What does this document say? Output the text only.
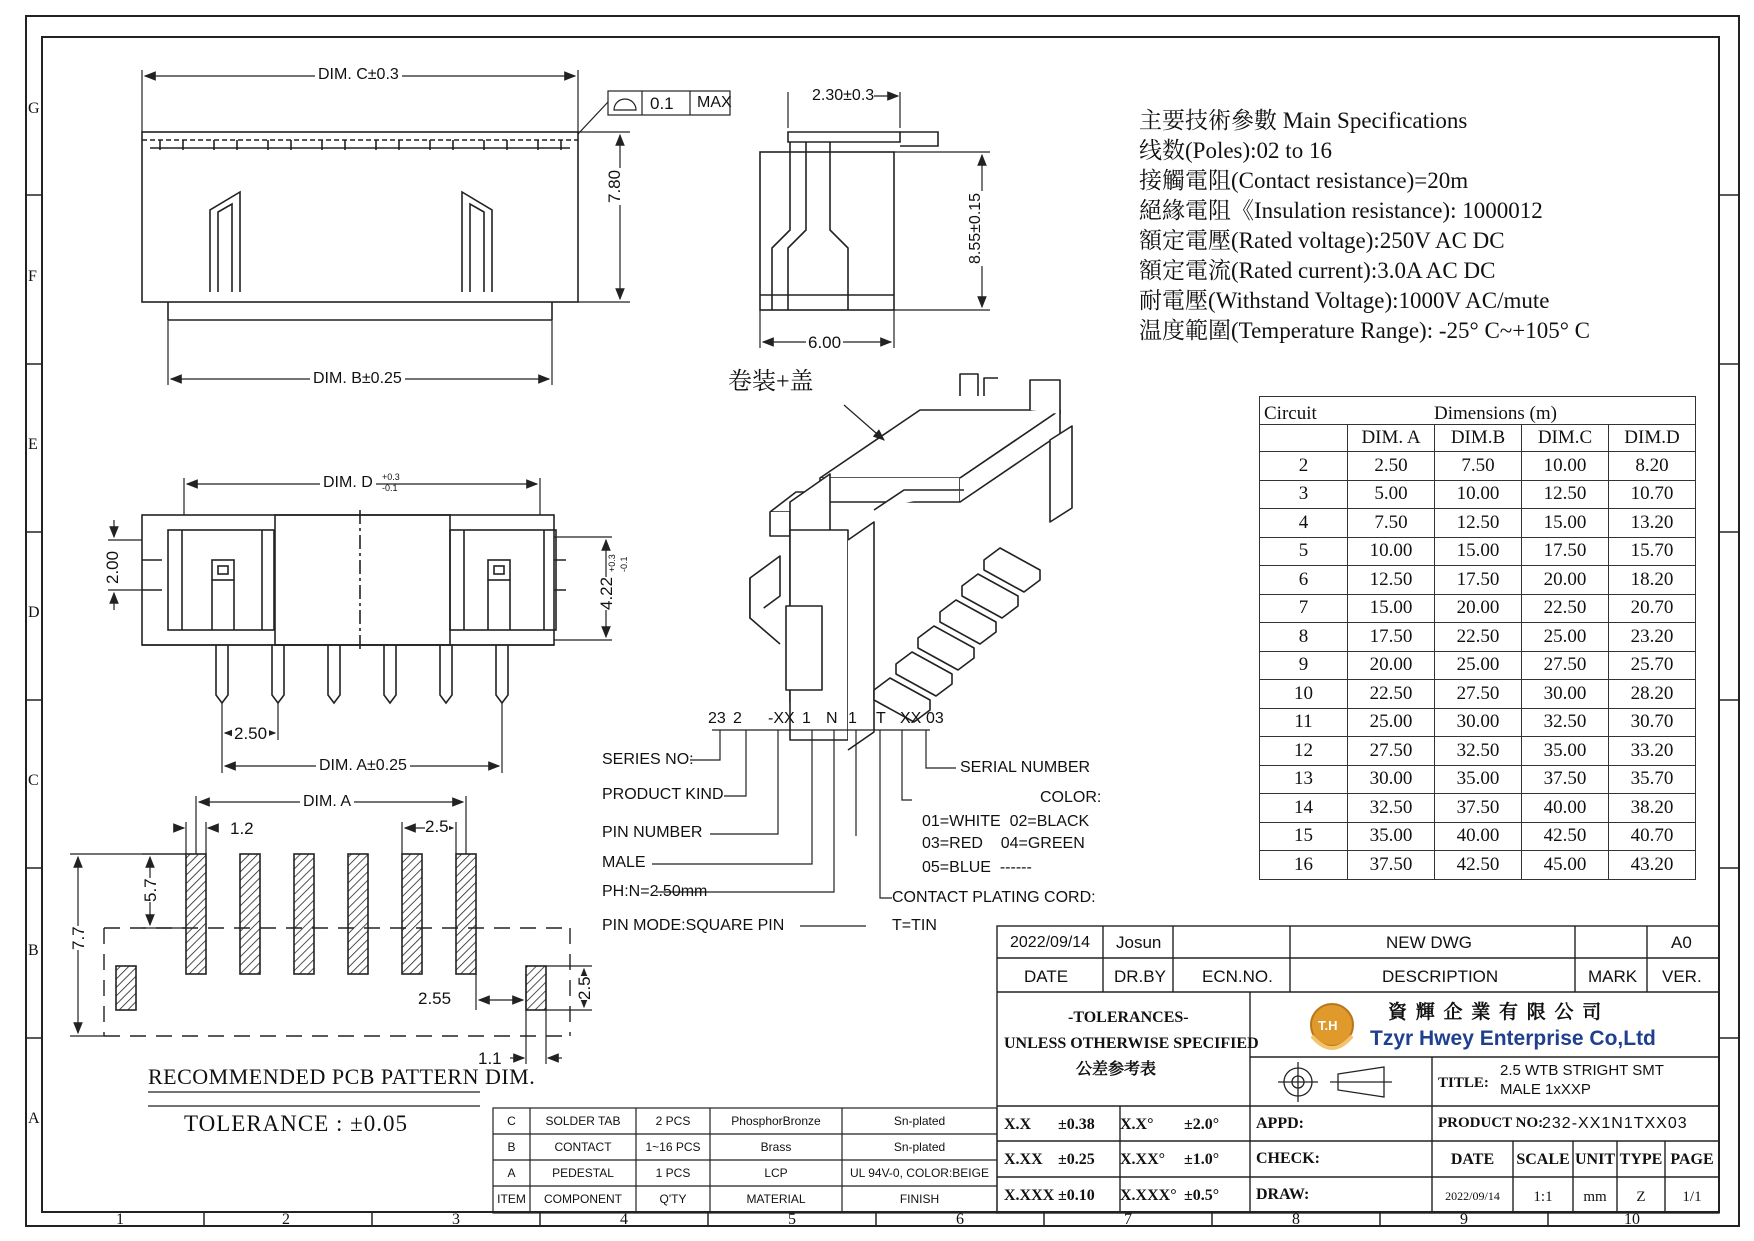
G
F
E
D
C
B
A
1	2	3	4	5	6	7	8	9	10
DIM. C±0.3
DIM. B±0.25
7.80
0.1 MAX	2.30±0.3
8.55±0.15
6.00
卷装+盖
DIM. D	+0.3
-0.1
2.00
4.22
+0.3 -0.1
2.50
DIM. A±0.25
DIM. A
1.2	2.5
5.7
7.7
2.55	2.5
1.1
RECOMMENDED PCB PATTERN DIM.
TOLERANCE : ±0.05
主要技術參數 Main Specifications
线数(Poles):02 to 16
接觸電阻(Contact resistance)=20m
絕緣電阻《Insulation resistance): 1000012
額定電壓(Rated voltage):250V AC DC
額定電流(Rated current):3.0A AC DC
耐電壓(Withstand Voltage):1000V AC/mute
温度範圍(Temperature Range): -25° C~+105° C
Circuit	Dimensions (m)
	DIM. A	DIM.B	DIM.C	DIM.D
2	2.50	7.50	10.00	8.20
3	5.00	10.00	12.50	10.70
4	7.50	12.50	15.00	13.20
5	10.00	15.00	17.50	15.70
6	12.50	17.50	20.00	18.20
7	15.00	20.00	22.50	20.70
8	17.50	22.50	25.00	23.20
9	20.00	25.00	27.50	25.70
10	22.50	27.50	30.00	28.20
11	25.00	30.00	32.50	30.70
12	27.50	32.50	35.00	33.20
13	30.00	35.00	37.50	35.70
14	32.50	37.50	40.00	38.20
15	35.00	40.00	42.50	40.70
16	37.50	42.50	45.00	43.20
23 2 -XX 1 N 1 T XX 03
SERIES NO:
PRODUCT KIND
PIN NUMBER
MALE
PH:N=2.50mm
PIN MODE:SQUARE PIN
SERIAL NUMBER
COLOR:
01=WHITE  02=BLACK
03=RED    04=GREEN
05=BLUE  ------
CONTACT PLATING CORD:
T=TIN
C	SOLDER TAB	2 PCS	PhosphorBronze	Sn-plated
B	CONTACT	1~16 PCS	Brass	Sn-plated
A	PEDESTAL	1 PCS	LCP	UL 94V-0, COLOR:BEIGE
ITEM	COMPONENT	Q'TY	MATERIAL	FINISH
2022/09/14 Josun	NEW DWG	A0
DATE	DR.BY ECN.NO.	DESCRIPTION	MARK VER.
-TOLERANCES-
UNLESS OTHERWISE SPECIFIED
公差参考表
T.H
資 輝 企 業 有 限 公 司
Tzyr Hwey Enterprise Co,Ltd
TITLE:
2.5 WTB STRIGHT SMT
MALE 1xXXP
PRODUCT NO:
232-XX1N1TXX03
X.X ±0.38 X.X° ±2.0°
X.XX ±0.25 X.XX° ±1.0°
X.XXX ±0.10 X.XXX° ±0.5°
APPD:
CHECK:
DRAW:
DATE	SCALE UNIT TYPE PAGE
2022/09/14	1:1	mm	Z	1/1
